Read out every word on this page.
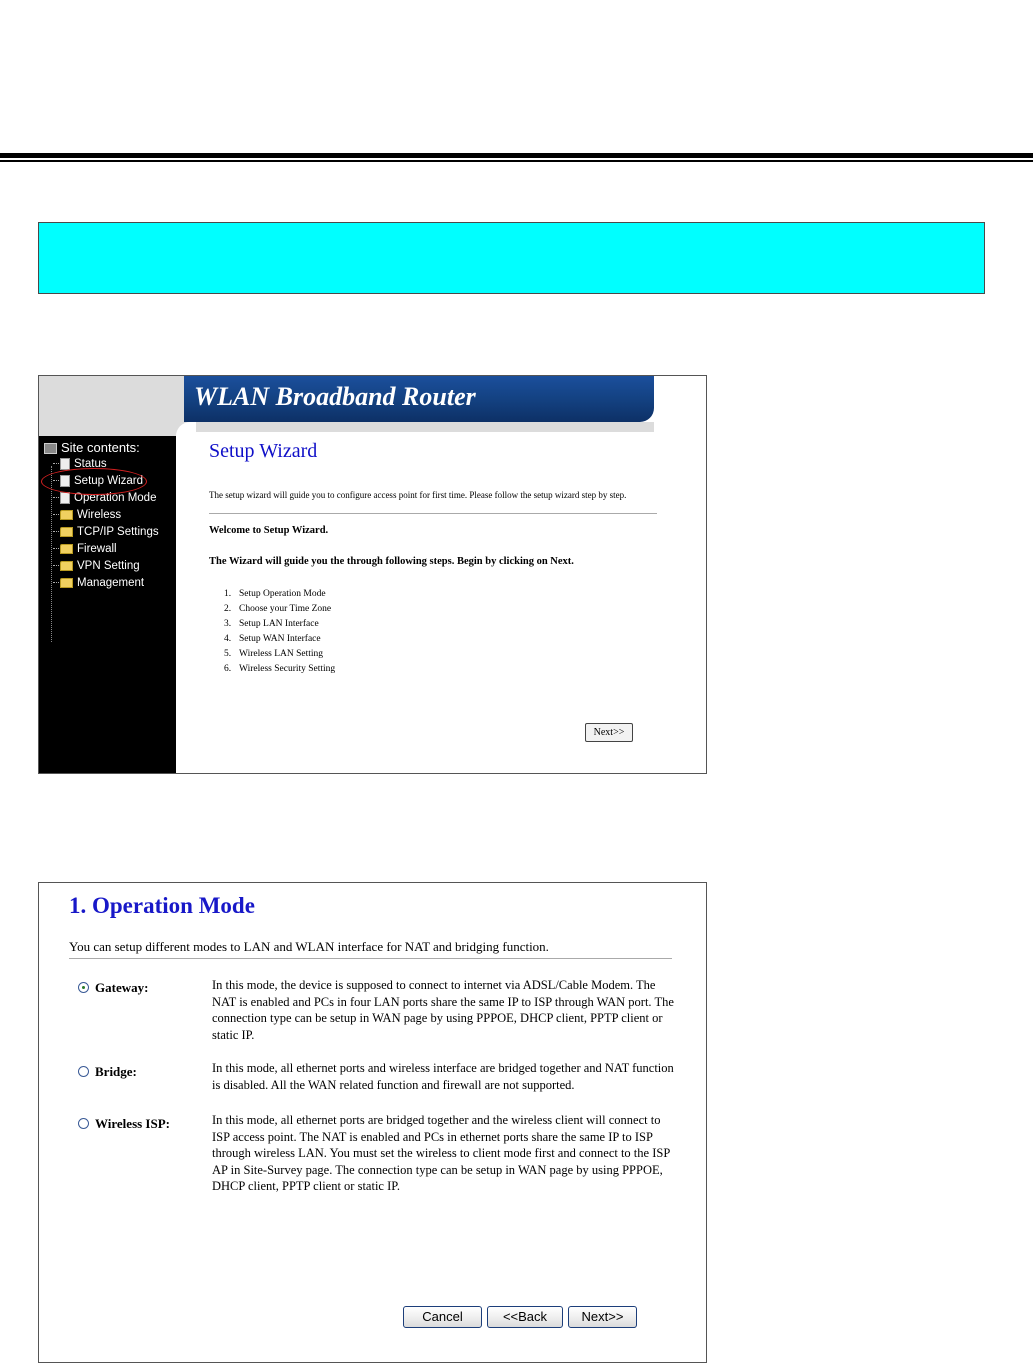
WLAN Broadband Router
Site contents:
Status
Setup Wizard
Operation Mode
Wireless
TCP/IP Settings
Firewall
VPN Setting
Management
Setup Wizard
The setup wizard will guide you to configure access point for first time. Please follow the setup wizard step by step.
Welcome to Setup Wizard.
The Wizard will guide you the through following steps. Begin by clicking on Next.
1. Setup Operation Mode
2. Choose your Time Zone
3. Setup LAN Interface
4. Setup WAN Interface
5. Wireless LAN Setting
6. Wireless Security Setting
Next>>
1. Operation Mode
You can setup different modes to LAN and WLAN interface for NAT and bridging function.
Gateway:	In this mode, the device is supposed to connect to internet via ADSL/Cable Modem. The NAT is enabled and PCs in four LAN ports share the same IP to ISP through WAN port. The connection type can be setup in WAN page by using PPPOE, DHCP client, PPTP client or static IP.
Bridge:	In this mode, all ethernet ports and wireless interface are bridged together and NAT function is disabled. All the WAN related function and firewall are not supported.
Wireless ISP:	In this mode, all ethernet ports are bridged together and the wireless client will connect to ISP access point. The NAT is enabled and PCs in ethernet ports share the same IP to ISP through wireless LAN. You must set the wireless to client mode first and connect to the ISP AP in Site-Survey page. The connection type can be setup in WAN page by using PPPOE, DHCP client, PPTP client or static IP.
Cancel	<<Back	Next>>
